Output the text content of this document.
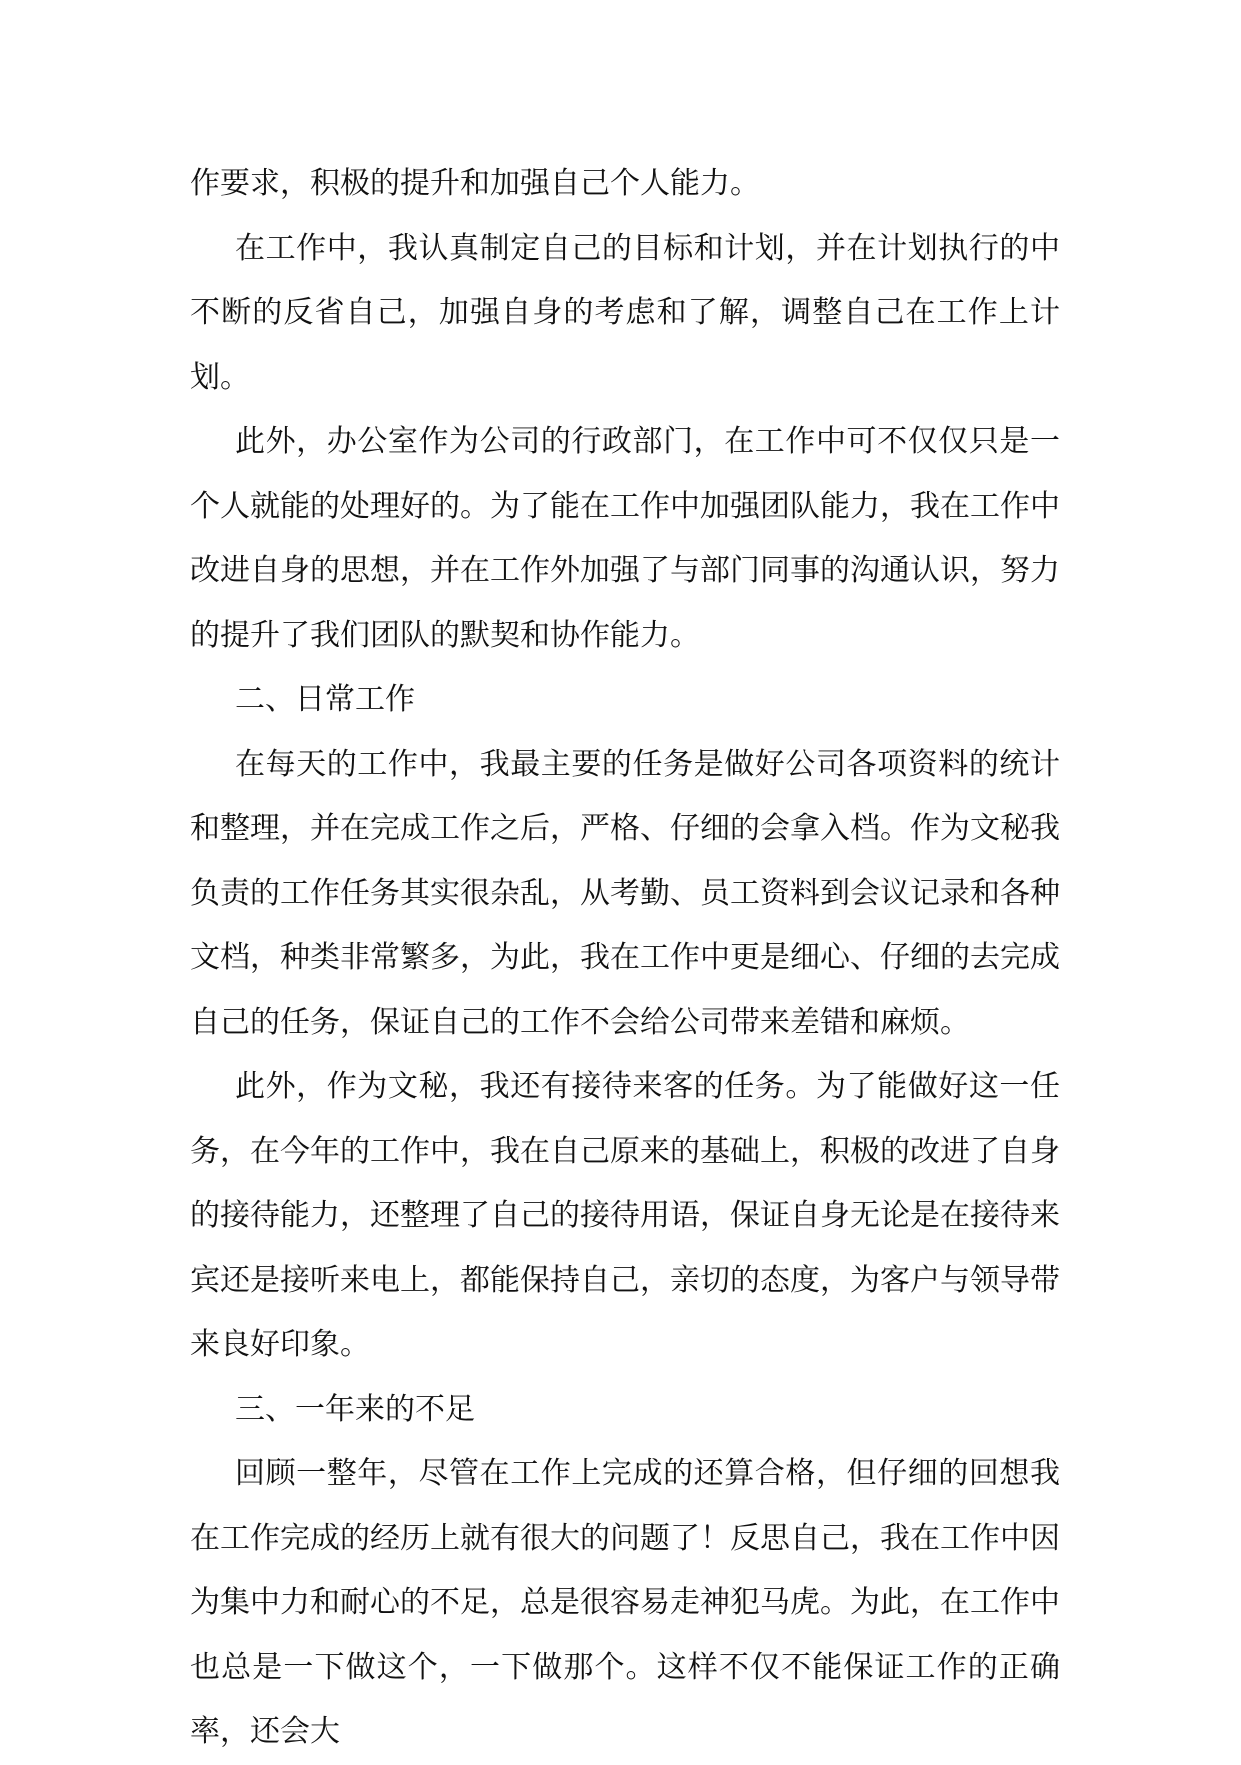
作要求，积极的提升和加强自己个人能力。

在工作中，我认真制定自己的目标和计划，并在计划执行的中不断的反省自己，加强自身的考虑和了解，调整自己在工作上计划。

此外，办公室作为公司的行政部门，在工作中可不仅仅只是一个人就能的处理好的。为了能在工作中加强团队能力，我在工作中改进自身的思想，并在工作外加强了与部门同事的沟通认识，努力的提升了我们团队的默契和协作能力。

二、日常工作

在每天的工作中，我最主要的任务是做好公司各项资料的统计和整理，并在完成工作之后，严格、仔细的会拿入档。作为文秘我负责的工作任务其实很杂乱，从考勤、员工资料到会议记录和各种文档，种类非常繁多，为此，我在工作中更是细心、仔细的去完成自己的任务，保证自己的工作不会给公司带来差错和麻烦。

此外，作为文秘，我还有接待来客的任务。为了能做好这一任务，在今年的工作中，我在自己原来的基础上，积极的改进了自身的接待能力，还整理了自己的接待用语，保证自身无论是在接待来宾还是接听来电上，都能保持自己，亲切的态度，为客户与领导带来良好印象。

三、一年来的不足

回顾一整年，尽管在工作上完成的还算合格，但仔细的回想我在工作完成的经历上就有很大的问题了！反思自己，我在工作中因为集中力和耐心的不足，总是很容易走神犯马虎。为此，在工作中也总是一下做这个，一下做那个。这样不仅不能保证工作的正确率，还会大
